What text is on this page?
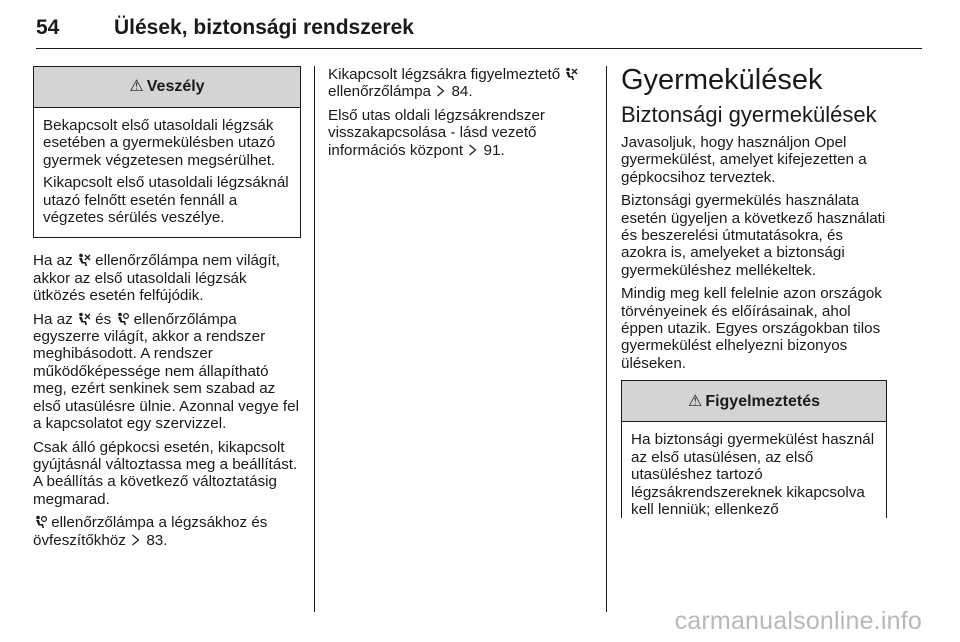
54	Ülések, biztonsági rendszerek
⚠ Veszély

Bekapcsolt első utasoldali légzsák esetében a gyermekülésben utazó gyermek végzetesen megsérülhet.

Kikapcsolt első utasoldali légzsáknál utazó felnőtt esetén fennáll a végzetes sérülés veszélye.

Ha az ellenőrzőlámpa nem világít, akkor az első utasoldali légzsák ütközés esetén felfújódik.

Ha az és ellenőrzőlámpa egyszerre világít, akkor a rendszer meghibásodott. A rendszer működőképessége nem állapítható meg, ezért senkinek sem szabad az első utasülésre ülnie. Azonnal vegye fel a kapcsolatot egy szervizzel.

Csak álló gépkocsi esetén, kikapcsolt gyújtásnál változtassa meg a beállítást. A beállítás a következő változtatásig megmarad.

ellenőrzőlámpa a légzsákhoz és övfeszítőkhöz 83.

Kikapcsolt légzsákra figyelmeztető  ellenőrzőlámpa 84.

Első utas oldali légzsákrendszer visszakapcsolása - lásd vezető információs központ 91.

Gyermekülések
Biztonsági gyermekülések

Javasoljuk, hogy használjon Opel gyermekülést, amelyet kifejezetten a gépkocsihoz terveztek.

Biztonsági gyermekülés használata esetén ügyeljen a következő használati és beszerelési útmutatásokra, és azokra is, amelyeket a biztonsági gyermeküléshez mellékeltek.

Mindig meg kell felelnie azon országok törvényeinek és előírásainak, ahol éppen utazik. Egyes országokban tilos gyermekülést elhelyezni bizonyos üléseken.

⚠ Figyelmeztetés

Ha biztonsági gyermekülést használ az első utasülésen, az első utasüléshez tartozó légzsákrendszereknek kikapcsolva kell lenniük; ellenkező

carmanualsonline.info
